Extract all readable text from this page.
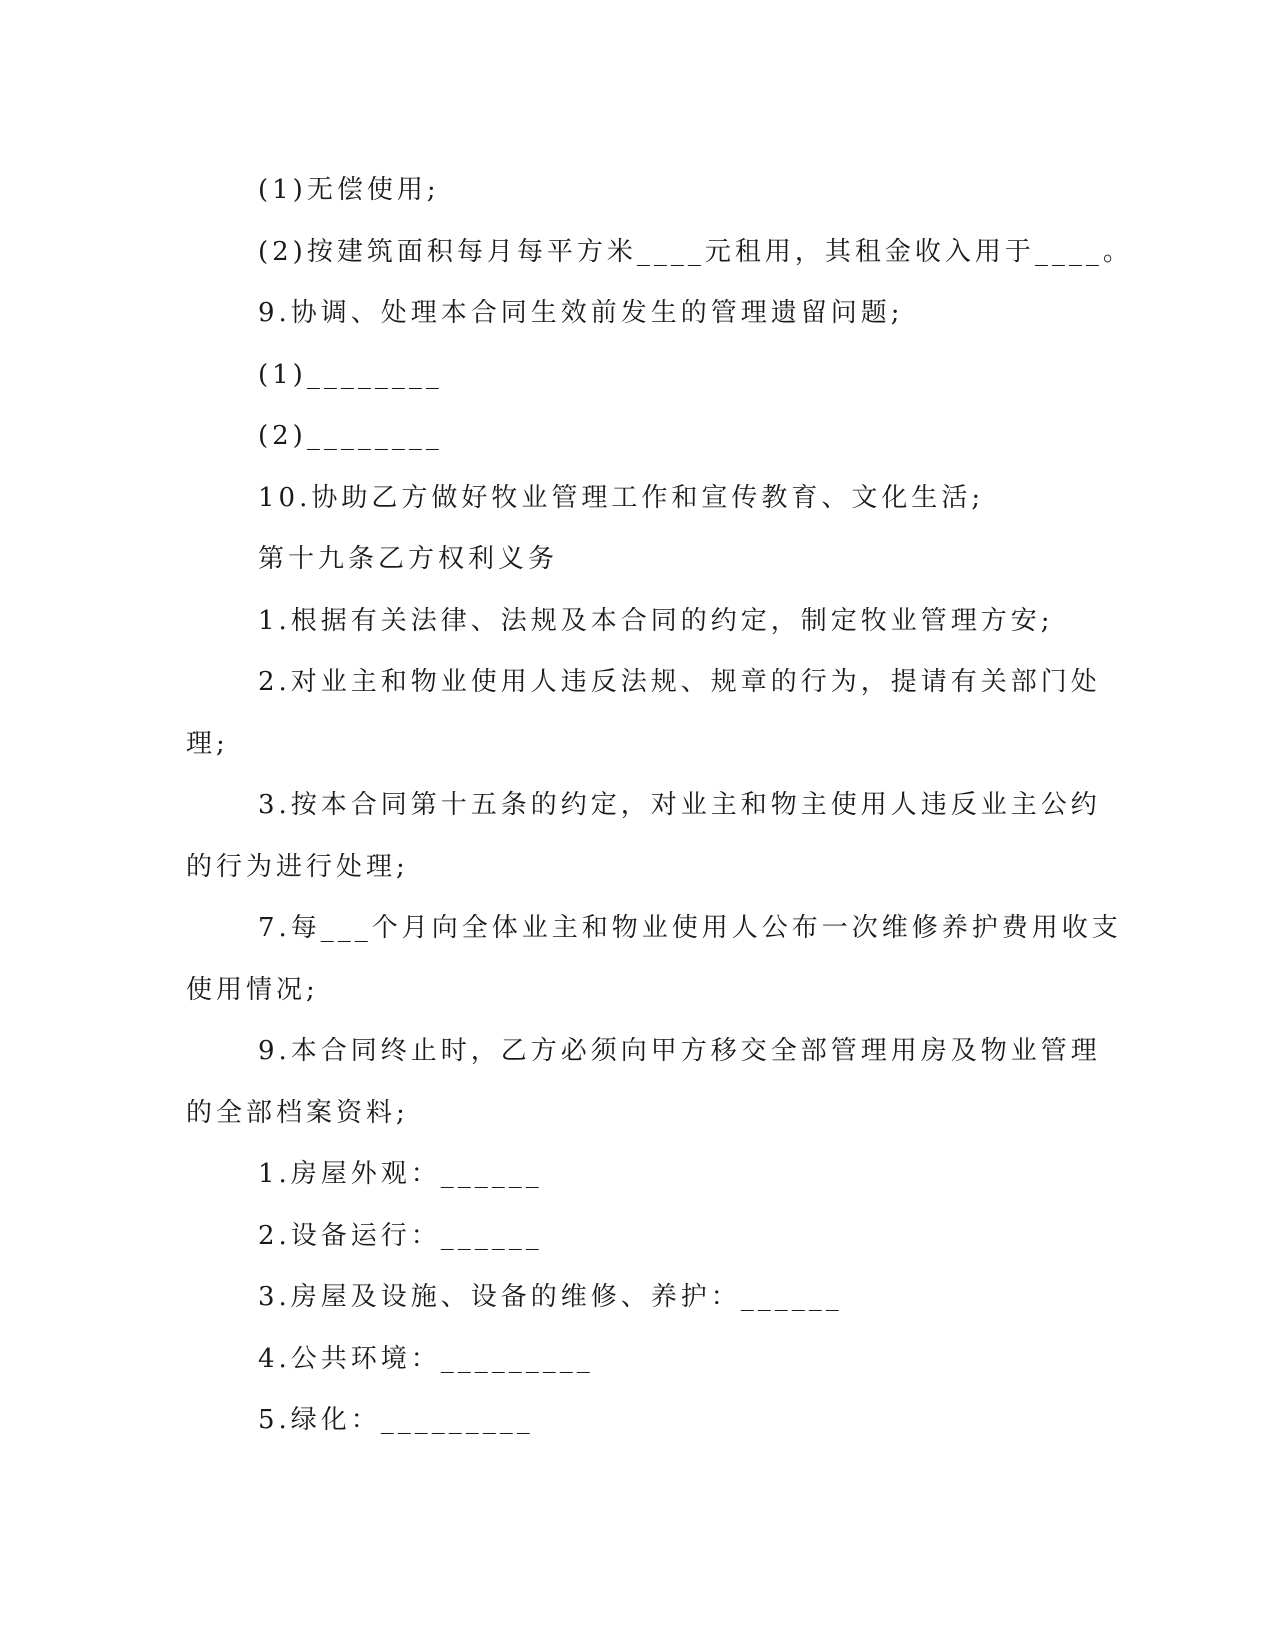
(1)无偿使用;
(2)按建筑面积每月每平方米____元租用，其租金收入用于____。
9.协调、处理本合同生效前发生的管理遗留问题;
(1)________
(2)________
10.协助乙方做好牧业管理工作和宣传教育、文化生活;
第十九条乙方权利义务
1.根据有关法律、法规及本合同的约定，制定牧业管理方安;
2.对业主和物业使用人违反法规、规章的行为，提请有关部门处
理;
3.按本合同第十五条的约定，对业主和物主使用人违反业主公约
的行为进行处理;
7.每___个月向全体业主和物业使用人公布一次维修养护费用收支
使用情况;
9.本合同终止时，乙方必须向甲方移交全部管理用房及物业管理
的全部档案资料;
1.房屋外观：______
2.设备运行：______
3.房屋及设施、设备的维修、养护：______
4.公共环境：_________
5.绿化：_________
